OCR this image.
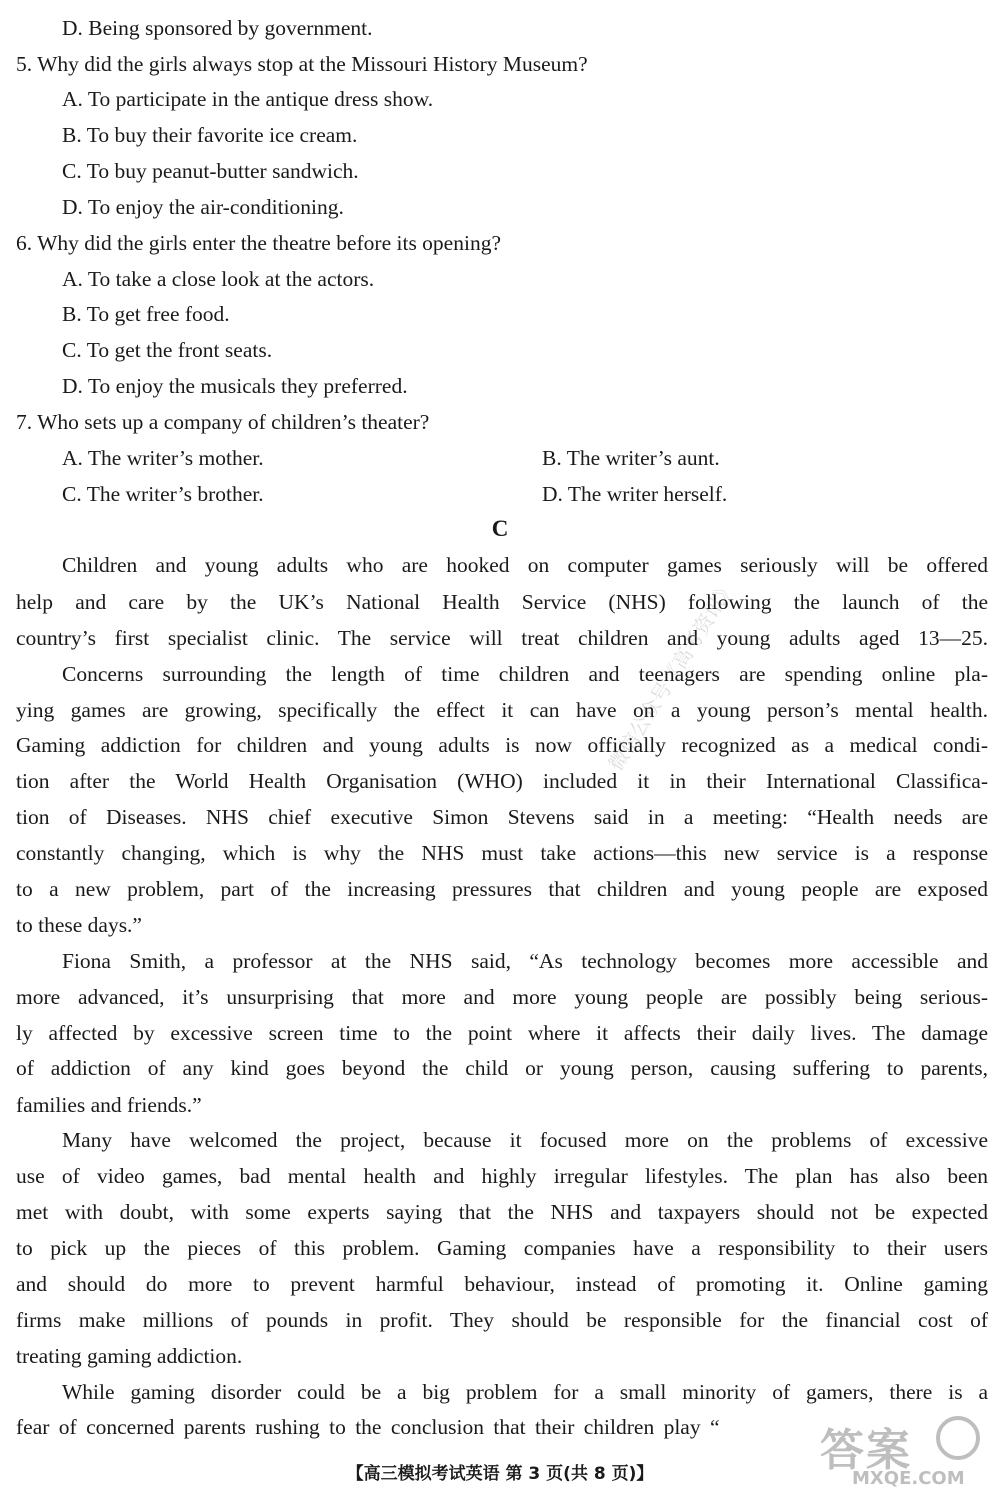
D. Being sponsored by government.
5. Why did the girls always stop at the Missouri History Museum?
A. To participate in the antique dress show.
B. To buy their favorite ice cream.
C. To buy peanut-butter sandwich.
D. To enjoy the air-conditioning.
6. Why did the girls enter the theatre before its opening?
A. To take a close look at the actors.
B. To get free food.
C. To get the front seats.
D. To enjoy the musicals they preferred.
7. Who sets up a company of children’s theater?
A. The writer’s mother.	B. The writer’s aunt.
C. The writer’s brother.	D. The writer herself.
C
Children and young adults who are hooked on computer games seriously will be offered
help and care by the UK’s National Health Service (NHS) following the launch of the
country’s first specialist clinic. The service will treat children and young adults aged 13—25.
Concerns surrounding the length of time children and teenagers are spending online pla-
ying games are growing, specifically the effect it can have on a young person’s mental health.
Gaming addiction for children and young adults is now officially recognized as a medical condi-
tion after the World Health Organisation (WHO) included it in their International Classifica-
tion of Diseases. NHS chief executive Simon Stevens said in a meeting: “Health needs are
constantly changing, which is why the NHS must take actions—this new service is a response
to a new problem, part of the increasing pressures that children and young people are exposed
to these days.”
Fiona Smith, a professor at the NHS said, “As technology becomes more accessible and
more advanced, it’s unsurprising that more and more young people are possibly being serious-
ly affected by excessive screen time to the point where it affects their daily lives. The damage
of addiction of any kind goes beyond the child or young person, causing suffering to parents,
families and friends.”
Many have welcomed the project, because it focused more on the problems of excessive
use of video games, bad mental health and highly irregular lifestyles. The plan has also been
met with doubt, with some experts saying that the NHS and taxpayers should not be expected
to pick up the pieces of this problem. Gaming companies have a responsibility to their users
and should do more to prevent harmful behaviour, instead of promoting it. Online gaming
firms make millions of pounds in profit. They should be responsible for the financial cost of
treating gaming addiction.
While gaming disorder could be a big problem for a small minority of gamers, there is a
fear of concerned parents rushing to the conclusion that their children play “
微信公众号《高考资讯》
答案
MXQE.COM
【高三模拟考试英语 第 3 页(共 8 页)】
